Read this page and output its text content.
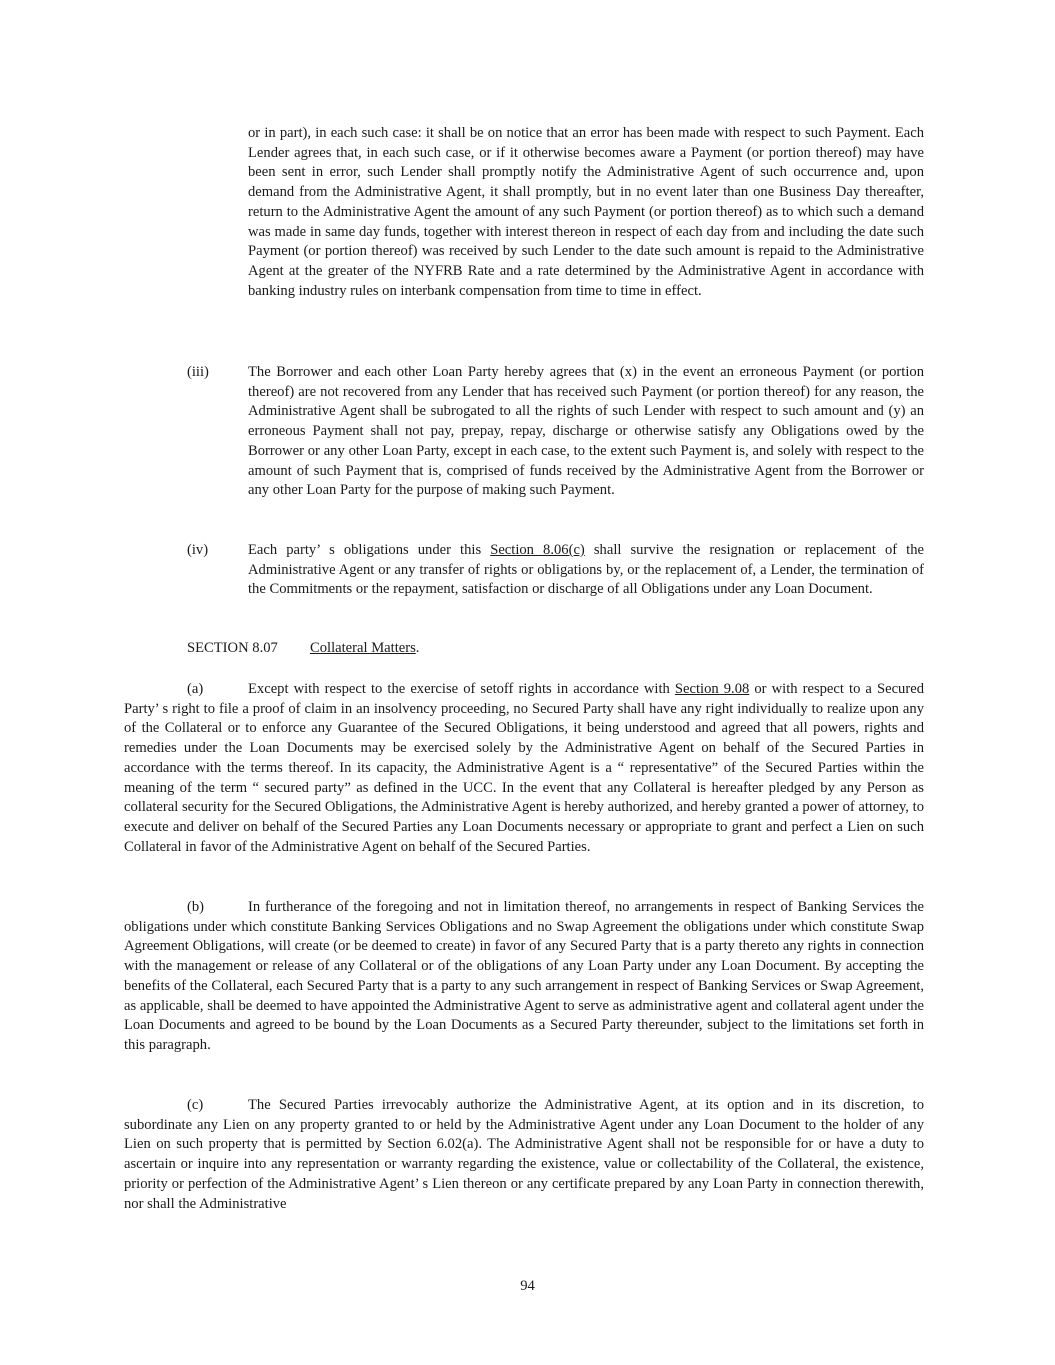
or in part), in each such case: it shall be on notice that an error has been made with respect to such Payment. Each Lender agrees that, in each such case, or if it otherwise becomes aware a Payment (or portion thereof) may have been sent in error, such Lender shall promptly notify the Administrative Agent of such occurrence and, upon demand from the Administrative Agent, it shall promptly, but in no event later than one Business Day thereafter, return to the Administrative Agent the amount of any such Payment (or portion thereof) as to which such a demand was made in same day funds, together with interest thereon in respect of each day from and including the date such Payment (or portion thereof) was received by such Lender to the date such amount is repaid to the Administrative Agent at the greater of the NYFRB Rate and a rate determined by the Administrative Agent in accordance with banking industry rules on interbank compensation from time to time in effect.

(iii)	The Borrower and each other Loan Party hereby agrees that (x) in the event an erroneous Payment (or portion thereof) are not recovered from any Lender that has received such Payment (or portion thereof) for any reason, the Administrative Agent shall be subrogated to all the rights of such Lender with respect to such amount and (y) an erroneous Payment shall not pay, prepay, repay, discharge or otherwise satisfy any Obligations owed by the Borrower or any other Loan Party, except in each case, to the extent such Payment is, and solely with respect to the amount of such Payment that is, comprised of funds received by the Administrative Agent from the Borrower or any other Loan Party for the purpose of making such Payment.

(iv)	Each party’ s obligations under this Section 8.06(c) shall survive the resignation or replacement of the Administrative Agent or any transfer of rights or obligations by, or the replacement of, a Lender, the termination of the Commitments or the repayment, satisfaction or discharge of all Obligations under any Loan Document.

SECTION 8.07 Collateral Matters.

(a)	Except with respect to the exercise of setoff rights in accordance with Section 9.08 or with respect to a Secured Party’ s right to file a proof of claim in an insolvency proceeding, no Secured Party shall have any right individually to realize upon any of the Collateral or to enforce any Guarantee of the Secured Obligations, it being understood and agreed that all powers, rights and remedies under the Loan Documents may be exercised solely by the Administrative Agent on behalf of the Secured Parties in accordance with the terms thereof. In its capacity, the Administrative Agent is a “ representative” of the Secured Parties within the meaning of the term “ secured party” as defined in the UCC. In the event that any Collateral is hereafter pledged by any Person as collateral security for the Secured Obligations, the Administrative Agent is hereby authorized, and hereby granted a power of attorney, to execute and deliver on behalf of the Secured Parties any Loan Documents necessary or appropriate to grant and perfect a Lien on such Collateral in favor of the Administrative Agent on behalf of the Secured Parties.

(b)	In furtherance of the foregoing and not in limitation thereof, no arrangements in respect of Banking Services the obligations under which constitute Banking Services Obligations and no Swap Agreement the obligations under which constitute Swap Agreement Obligations, will create (or be deemed to create) in favor of any Secured Party that is a party thereto any rights in connection with the management or release of any Collateral or of the obligations of any Loan Party under any Loan Document. By accepting the benefits of the Collateral, each Secured Party that is a party to any such arrangement in respect of Banking Services or Swap Agreement, as applicable, shall be deemed to have appointed the Administrative Agent to serve as administrative agent and collateral agent under the Loan Documents and agreed to be bound by the Loan Documents as a Secured Party thereunder, subject to the limitations set forth in this paragraph.

(c)	The Secured Parties irrevocably authorize the Administrative Agent, at its option and in its discretion, to subordinate any Lien on any property granted to or held by the Administrative Agent under any Loan Document to the holder of any Lien on such property that is permitted by Section 6.02(a). The Administrative Agent shall not be responsible for or have a duty to ascertain or inquire into any representation or warranty regarding the existence, value or collectability of the Collateral, the existence, priority or perfection of the Administrative Agent’ s Lien thereon or any certificate prepared by any Loan Party in connection therewith, nor shall the Administrative

94
